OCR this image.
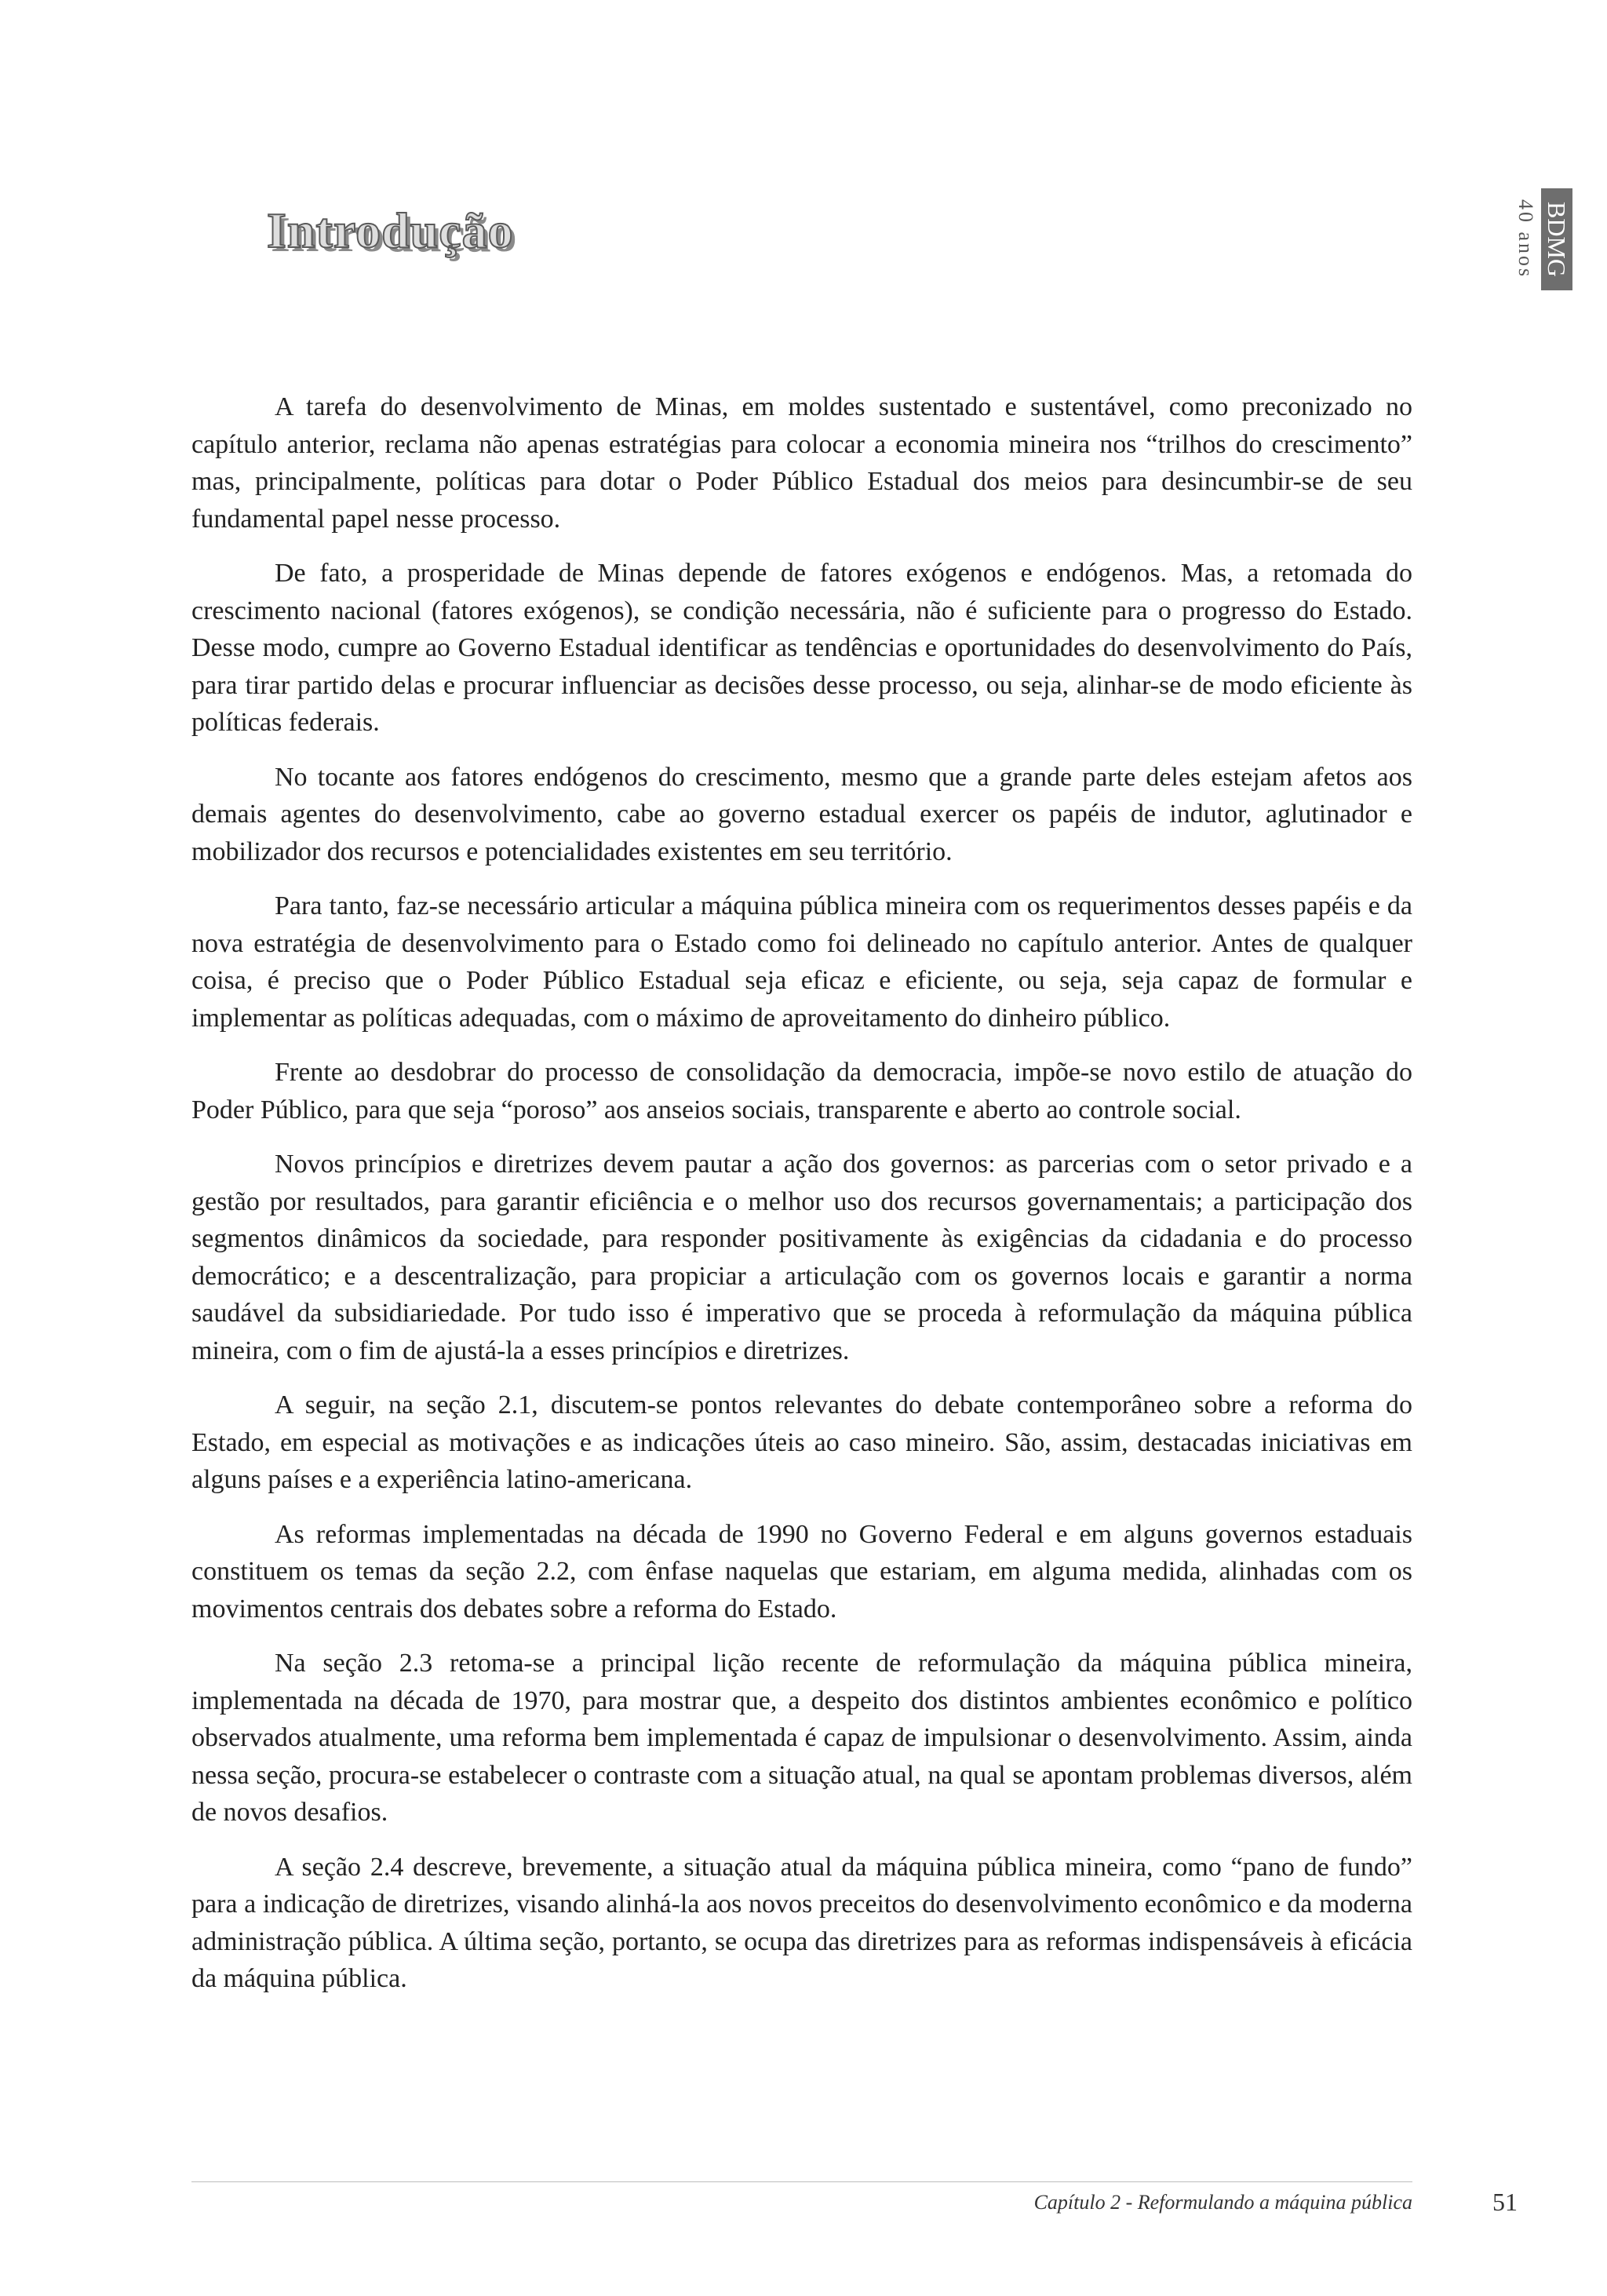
Introdução	BDMG
40 anos

A tarefa do desenvolvimento de Minas, em moldes sustentado e sustentável, como preconizado no capítulo anterior, reclama não apenas estratégias para colocar a economia mineira nos “trilhos do crescimento” mas, principalmente, políticas para dotar o Poder Público Estadual dos meios para desincumbir-se de seu fundamental papel nesse processo.

De fato, a prosperidade de Minas depende de fatores exógenos e endógenos. Mas, a retomada do crescimento nacional (fatores exógenos), se condição necessária, não é suficiente para o progresso do Estado. Desse modo, cumpre ao Governo Estadual identificar as tendências e oportunidades do desenvolvimento do País, para tirar partido delas e procurar influenciar as decisões desse processo, ou seja, alinhar-se de modo eficiente às políticas federais.

No tocante aos fatores endógenos do crescimento, mesmo que a grande parte deles estejam afetos aos demais agentes do desenvolvimento, cabe ao governo estadual exercer os papéis de indutor, aglutinador e mobilizador dos recursos e potencialidades existentes em seu território.

Para tanto, faz-se necessário articular a máquina pública mineira com os requerimentos desses papéis e da nova estratégia de desenvolvimento para o Estado como foi delineado no capítulo anterior. Antes de qualquer coisa, é preciso que o Poder Público Estadual seja eficaz e eficiente, ou seja, seja capaz de formular e implementar as políticas adequadas, com o máximo de aproveitamento do dinheiro público.

Frente ao desdobrar do processo de consolidação da democracia, impõe-se novo estilo de atuação do Poder Público, para que seja “poroso” aos anseios sociais, transparente e aberto ao controle social.

Novos princípios e diretrizes devem pautar a ação dos governos: as parcerias com o setor privado e a gestão por resultados, para garantir eficiência e o melhor uso dos recursos governamentais; a participação dos segmentos dinâmicos da sociedade, para responder positivamente às exigências da cidadania e do processo democrático; e a descentralização, para propiciar a articulação com os governos locais e garantir a norma saudável da subsidiariedade. Por tudo isso é imperativo que se proceda à reformulação da máquina pública mineira, com o fim de ajustá-la a esses princípios e diretrizes.

A seguir, na seção 2.1, discutem-se pontos relevantes do debate contemporâneo sobre a reforma do Estado, em especial as motivações e as indicações úteis ao caso mineiro. São, assim, destacadas iniciativas em alguns países e a experiência latino-americana.

As reformas implementadas na década de 1990 no Governo Federal e em alguns governos estaduais constituem os temas da seção 2.2, com ênfase naquelas que estariam, em alguma medida, alinhadas com os movimentos centrais dos debates sobre a reforma do Estado.

Na seção 2.3 retoma-se a principal lição recente de reformulação da máquina pública mineira, implementada na década de 1970, para mostrar que, a despeito dos distintos ambientes econômico e político observados atualmente, uma reforma bem implementada é capaz de impulsionar o desenvolvimento. Assim, ainda nessa seção, procura-se estabelecer o contraste com a situação atual, na qual se apontam problemas diversos, além de novos desafios.

A seção 2.4 descreve, brevemente, a situação atual da máquina pública mineira, como “pano de fundo” para a indicação de diretrizes, visando alinhá-la aos novos preceitos do desenvolvimento econômico e da moderna administração pública. A última seção, portanto, se ocupa das diretrizes para as reformas indispensáveis à eficácia da máquina pública.

Capítulo 2 - Reformulando a máquina pública	51
